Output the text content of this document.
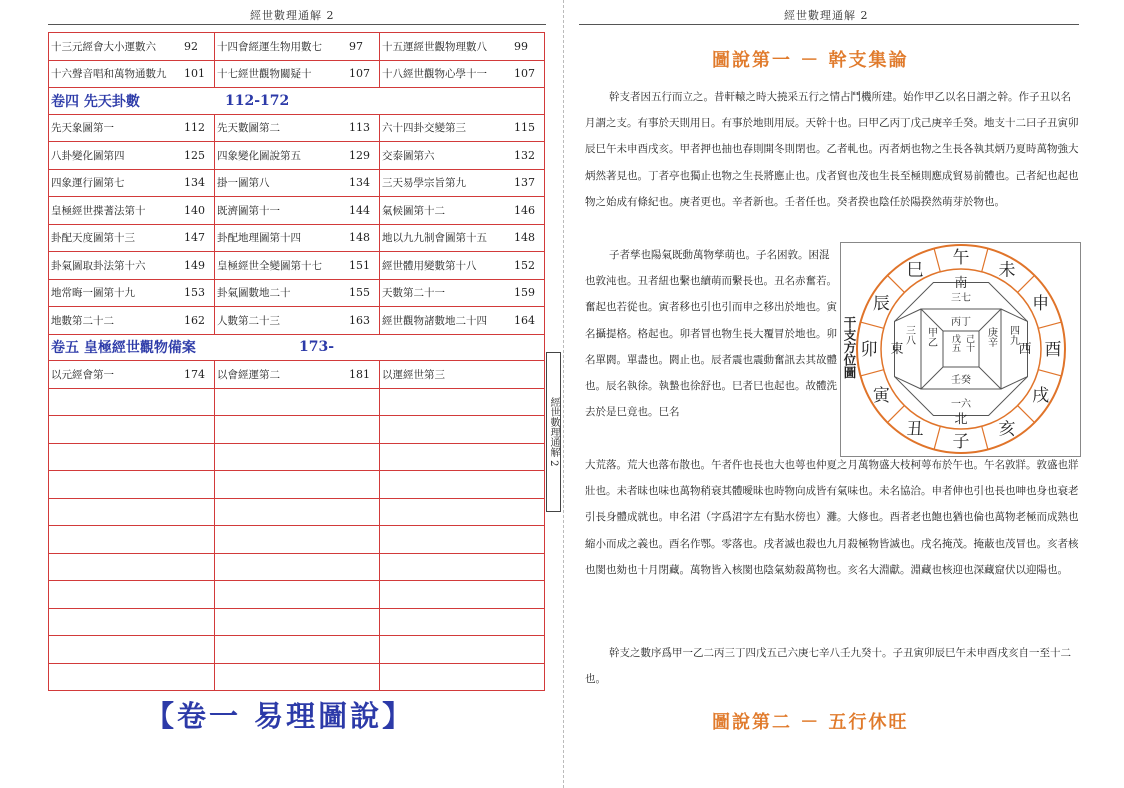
經世數理通解 2
十三元經會大小運數六	92	十四會經運生物用數七	97	十五運經世觀物理數八	99
十六聲音唱和萬物通數九	101	十七經世觀物關疑十	107	十八經世觀物心學十一	107
卷四 先天卦數	112-172
先天象圖第一	112	先天數圖第二	113	六十四卦交變第三	115
八卦變化圖第四	125	四象變化圖說第五	129	交泰圖第六	132
四象運行圖第七	134	掛一圖第八	134	三天易學宗旨第九	137
皇極經世揲蓍法第十	140	既濟圖第十一	144	氣候圖第十二	146
卦配天度圖第十三	147	卦配地理圖第十四	148	地以九九制會圖第十五	148
卦氣圖取卦法第十六	149	皇極經世全變圖第十七	151	經世體用變數第十八	152
地常晦一圖第十九	153	卦氣圖數地二十	155	天數第二十一	159
地數第二十二	162	人數第二十三	163	經世觀物諸數地二十四	164
卷五 皇極經世觀物備案	173-
以元經會第一	174	以會經運第二	181	以運經世第三
經世數理通解 2
【卷一 易理圖說】
經世數理通解 2
圖說第一 － 幹支集論
幹支者因五行而立之。昔軒轅之時大撓采五行之情占鬥機所建。始作甲乙以名日謂之幹。作子丑以名月謂之支。有事於天則用日。有事於地則用辰。天幹十也。曰甲乙丙丁戊己庚辛壬癸。地支十二曰子丑寅卯辰巳午未申酉戌亥。甲者押也抽也春則開冬則閉也。乙者軋也。丙者炳也物之生長各執其炳乃夏時萬物強大炳然著見也。丁者亭也獨止也物之生長將應止也。戊者貿也茂也生長至極則應成貿易前體也。己者紀也起也物之始成有條紀也。庚者更也。辛者新也。壬者任也。癸者揆也陰任於陽揆然萌芽於物也。
子者孳也陽氣既動萬物孳萌也。子名困敦。困混也敦沌也。丑者紐也繫也續萌而繫長也。丑名赤奮若。奮起也若從也。寅者移也引也引而申之移出於地也。寅名攝提格。格起也。卯者冒也物生長大覆冒於地也。卯名單閼。單盡也。閼止也。辰者震也震動奮訊去其故體也。辰名執徐。執蟄也徐舒也。巳者巳也起也。故體洗去於是巳竟也。巳名
午
未
申
酉
戌
亥
子
丑
寅
卯
辰
巳
丙丁
壬癸
甲乙	庚辛
三七
一六
三八	四九
戊五 己十
南
北
東	西
干支方位圖
大荒落。荒大也落布散也。午者仵也長也大也萼也仲夏之月萬物盛大枝柯萼布於午也。午名敦牂。敦盛也牂壯也。未者昧也味也萬物稍衰其體曖昧也時物向成皆有氣味也。未名協洽。申者伸也引也長也呻也身也衰老引長身體成就也。申名涒（字爲涒字左有點水傍也）灘。大修也。酉者老也飽也猶也倫也萬物老極而成熟也縮小而成之義也。酉名作鄂。零落也。戌者滅也殺也九月殺極物皆滅也。戌名掩茂。掩蔽也茂冒也。亥者核也閡也劾也十月閉藏。萬物皆入核閡也陰氣劾殺萬物也。亥名大淵獻。淵藏也核迎也深藏窟伏以迎陽也。
幹支之數序爲甲一乙二丙三丁四戊五己六庚七辛八壬九癸十。子丑寅卯辰巳午未申酉戌亥自一至十二也。
圖說第二 － 五行休旺
